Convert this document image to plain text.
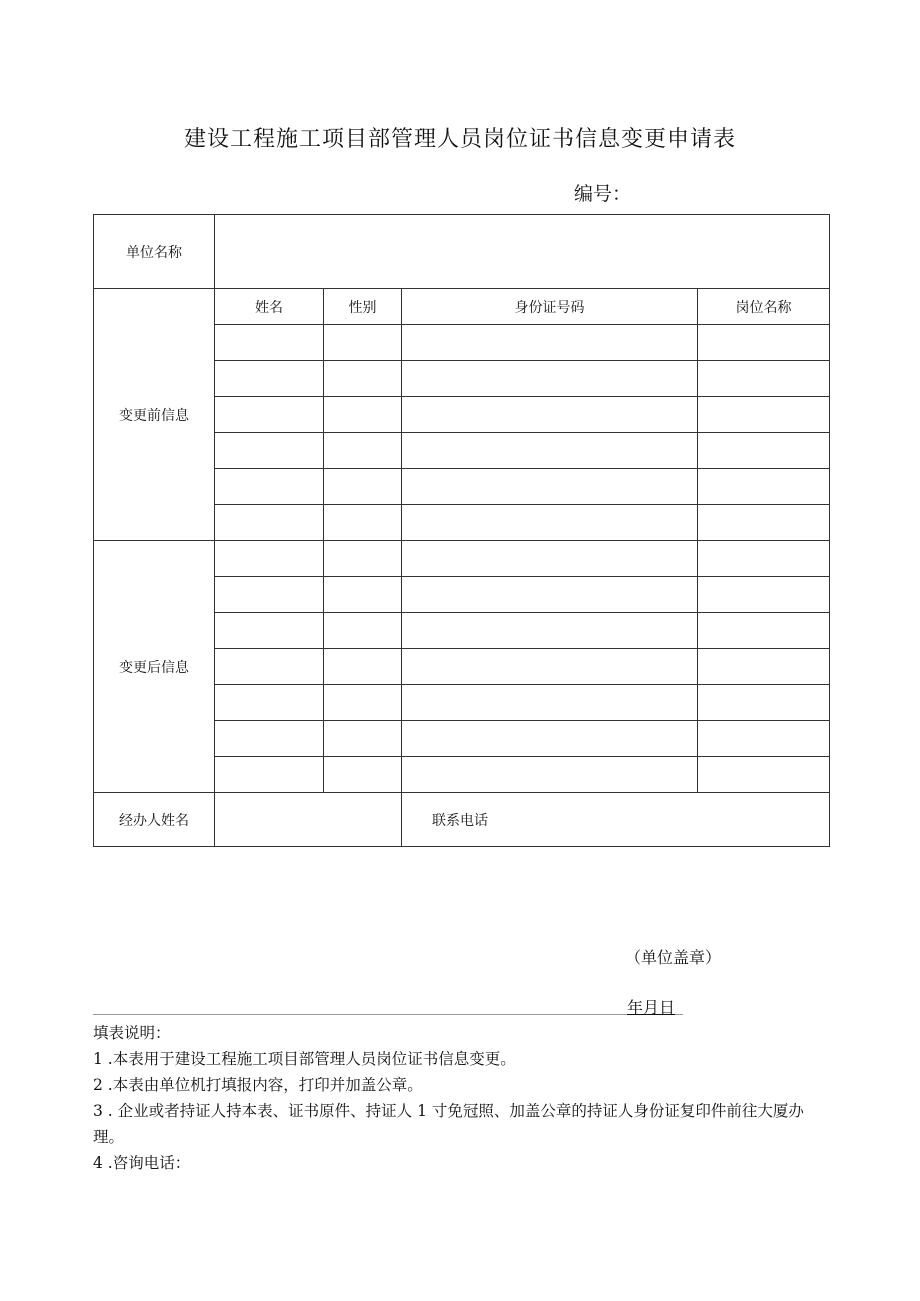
建设工程施工项目部管理人员岗位证书信息变更申请表
编号：
单位名称				
变更前信息	姓名	性别	身份证号码	岗位名称

变更后信息				

经办人姓名			联系电话	
（单位盖章）
年月日

填表说明：

1 .本表用于建设工程施工项目部管理人员岗位证书信息变更。

2 .本表由单位机打填报内容，打印并加盖公章。

3 . 企业或者持证人持本表、证书原件、持证人 1 寸免冠照、加盖公章的持证人身份证复印件前往大厦办理。

4 .咨询电话：
